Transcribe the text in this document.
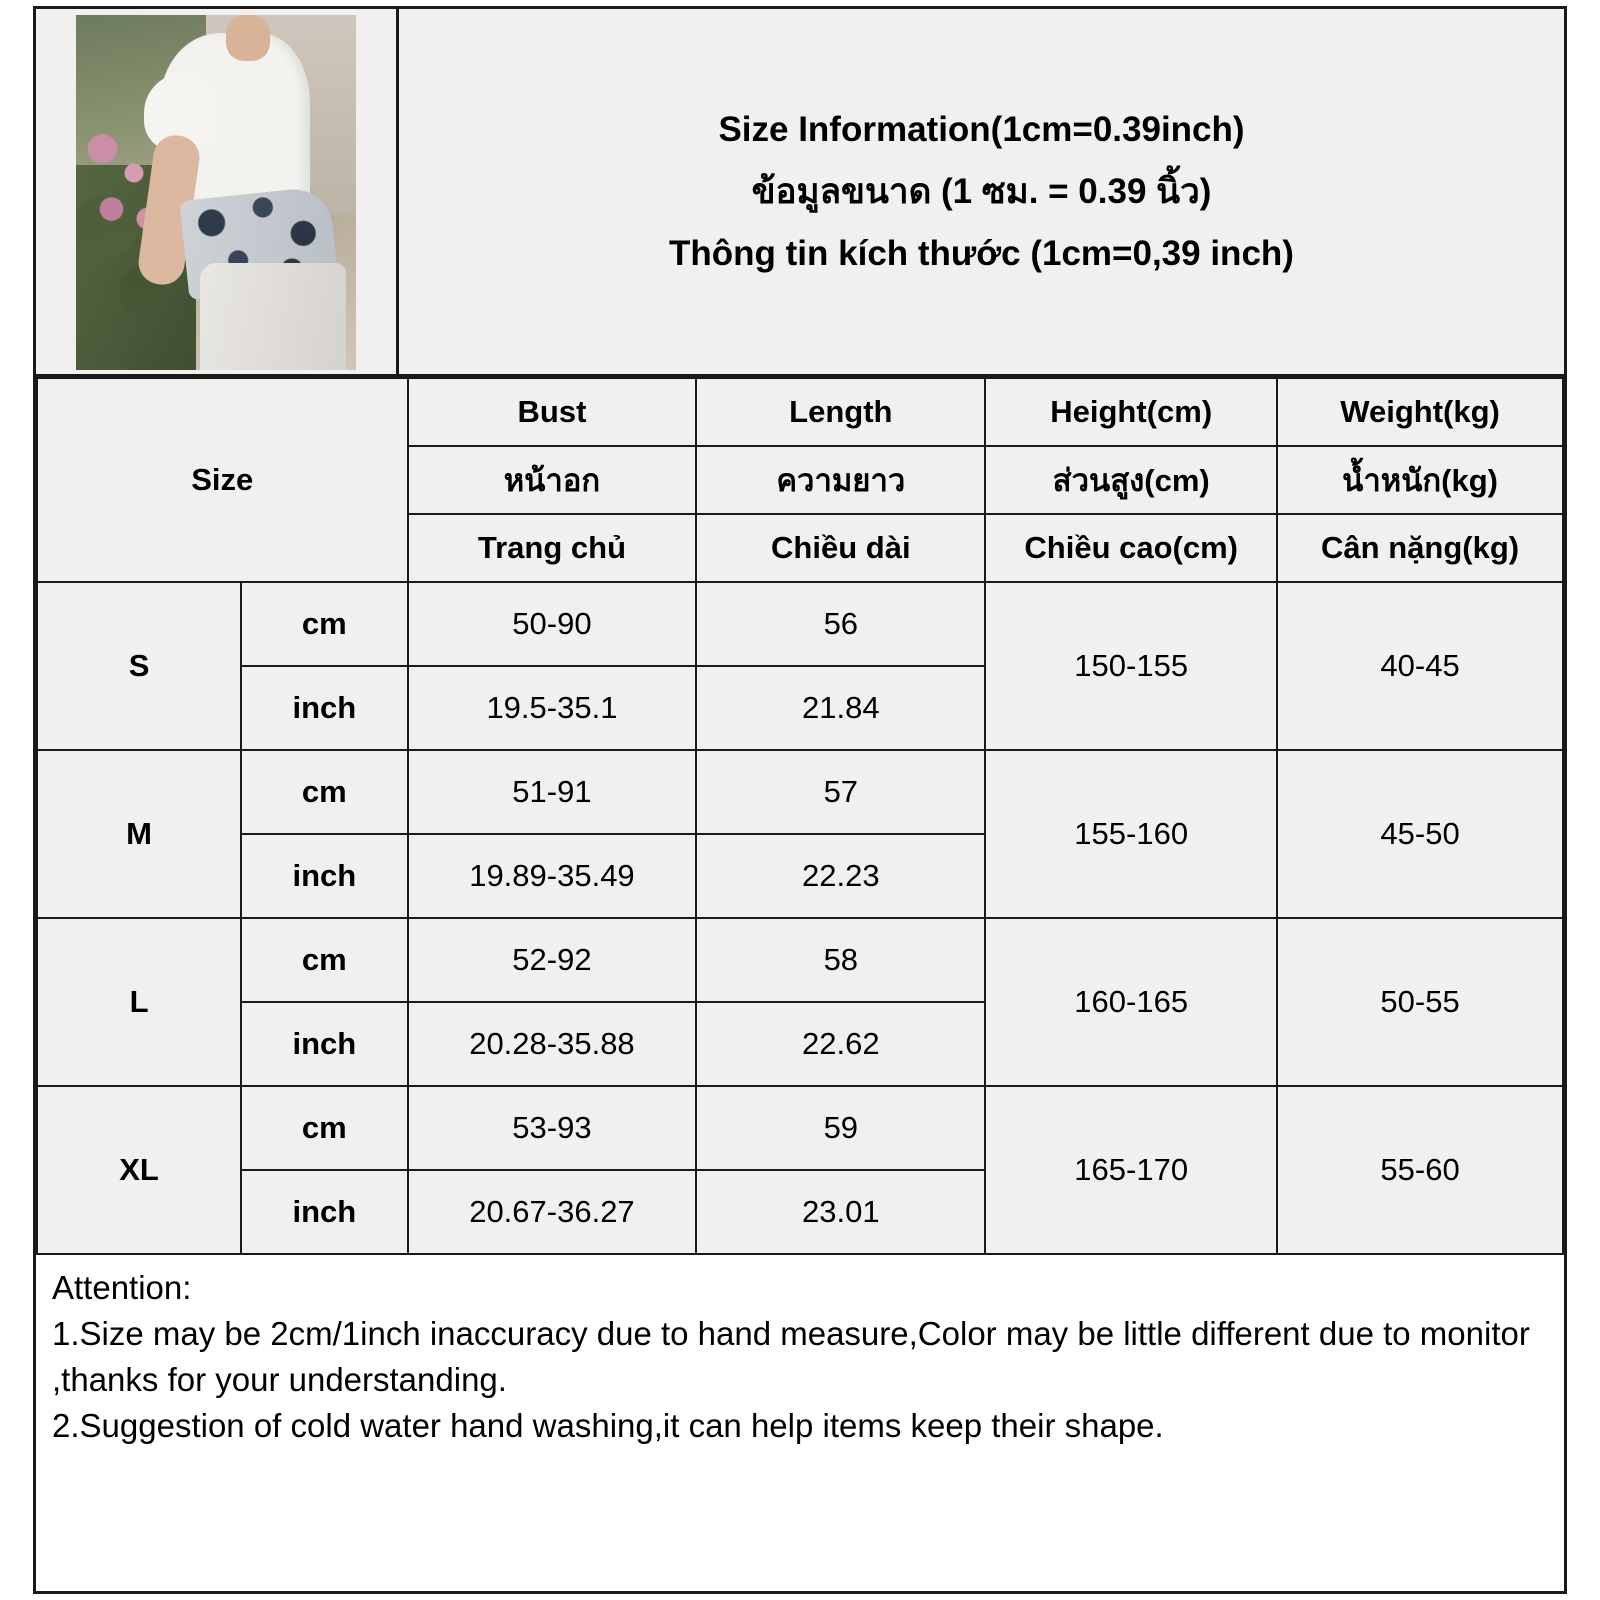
Size Information(1cm=0.39inch)
ข้อมูลขนาด (1 ซม. = 0.39 นิ้ว)
Thông tin kích thước (1cm=0,39 inch)
Size		Bust	Length	Height(cm)	Weight(kg)
		หน้าอก	ความยาว	ส่วนสูง(cm)	น้ำหนัก(kg)
		Trang chủ	Chiều dài	Chiều cao(cm)	Cân nặng(kg)
S	cm	50-90	56	150-155	40-45
	inch	19.5-35.1	21.84		
M	cm	51-91	57	155-160	45-50
	inch	19.89-35.49	22.23		
L	cm	52-92	58	160-165	50-55
	inch	20.28-35.88	22.62		
XL	cm	53-93	59	165-170	55-60
	inch	20.67-36.27	23.01		

Attention:

1.Size may be 2cm/1inch inaccuracy due to hand measure,Color may be little different due to monitor ,thanks for your understanding.

2.Suggestion of cold water hand washing,it can help items keep their shape.
